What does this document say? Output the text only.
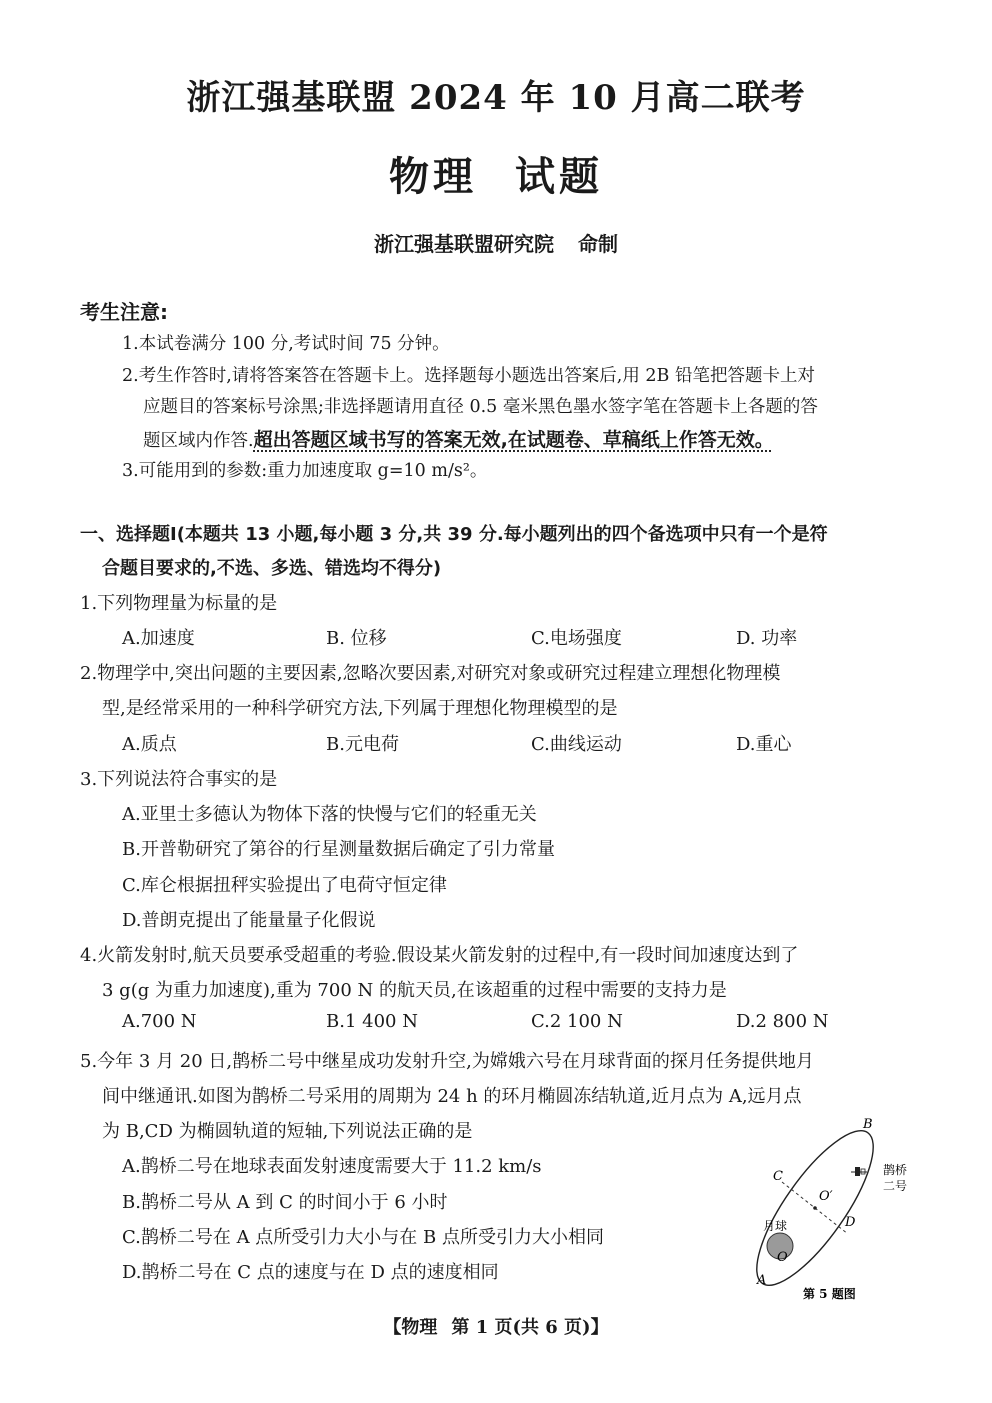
浙江强基联盟 2024 年 10 月高二联考
物理 试题
浙江强基联盟研究院 命制
考生注意:
1.本试卷满分 100 分,考试时间 75 分钟。
2.考生作答时,请将答案答在答题卡上。选择题每小题选出答案后,用 2B 铅笔把答题卡上对
应题目的答案标号涂黑;非选择题请用直径 0.5 毫米黑色墨水签字笔在答题卡上各题的答
题区域内作答.超出答题区域书写的答案无效,在试题卷、草稿纸上作答无效。
3.可能用到的参数:重力加速度取 g=10 m/s²。
一、选择题Ⅰ(本题共 13 小题,每小题 3 分,共 39 分.每小题列出的四个备选项中只有一个是符
合题目要求的,不选、多选、错选均不得分)
1.下列物理量为标量的是
A.加速度	B. 位移	C.电场强度	D. 功率
2.物理学中,突出问题的主要因素,忽略次要因素,对研究对象或研究过程建立理想化物理模
型,是经常采用的一种科学研究方法,下列属于理想化物理模型的是
A.质点	B.元电荷	C.曲线运动	D.重心
3.下列说法符合事实的是
A.亚里士多德认为物体下落的快慢与它们的轻重无关
B.开普勒研究了第谷的行星测量数据后确定了引力常量
C.库仑根据扭秤实验提出了电荷守恒定律
D.普朗克提出了能量量子化假说
4.火箭发射时,航天员要承受超重的考验.假设某火箭发射的过程中,有一段时间加速度达到了
3 g(g 为重力加速度),重为 700 N 的航天员,在该超重的过程中需要的支持力是
A.700 N	B.1 400 N	C.2 100 N	D.2 800 N
5.今年 3 月 20 日,鹊桥二号中继星成功发射升空,为嫦娥六号在月球背面的探月任务提供地月
间中继通讯.如图为鹊桥二号采用的周期为 24 h 的环月椭圆冻结轨道,近月点为 A,远月点
为 B,CD 为椭圆轨道的短轴,下列说法正确的是
A.鹊桥二号在地球表面发射速度需要大于 11.2 km/s
B.鹊桥二号从 A 到 C 的时间小于 6 小时
C.鹊桥二号在 A 点所受引力大小与在 B 点所受引力大小相同
D.鹊桥二号在 C 点的速度与在 D 点的速度相同
B
C
O′
D
月球
O
A
鹊桥
二号
第 5 题图
【物理 第 1 页(共 6 页)】
